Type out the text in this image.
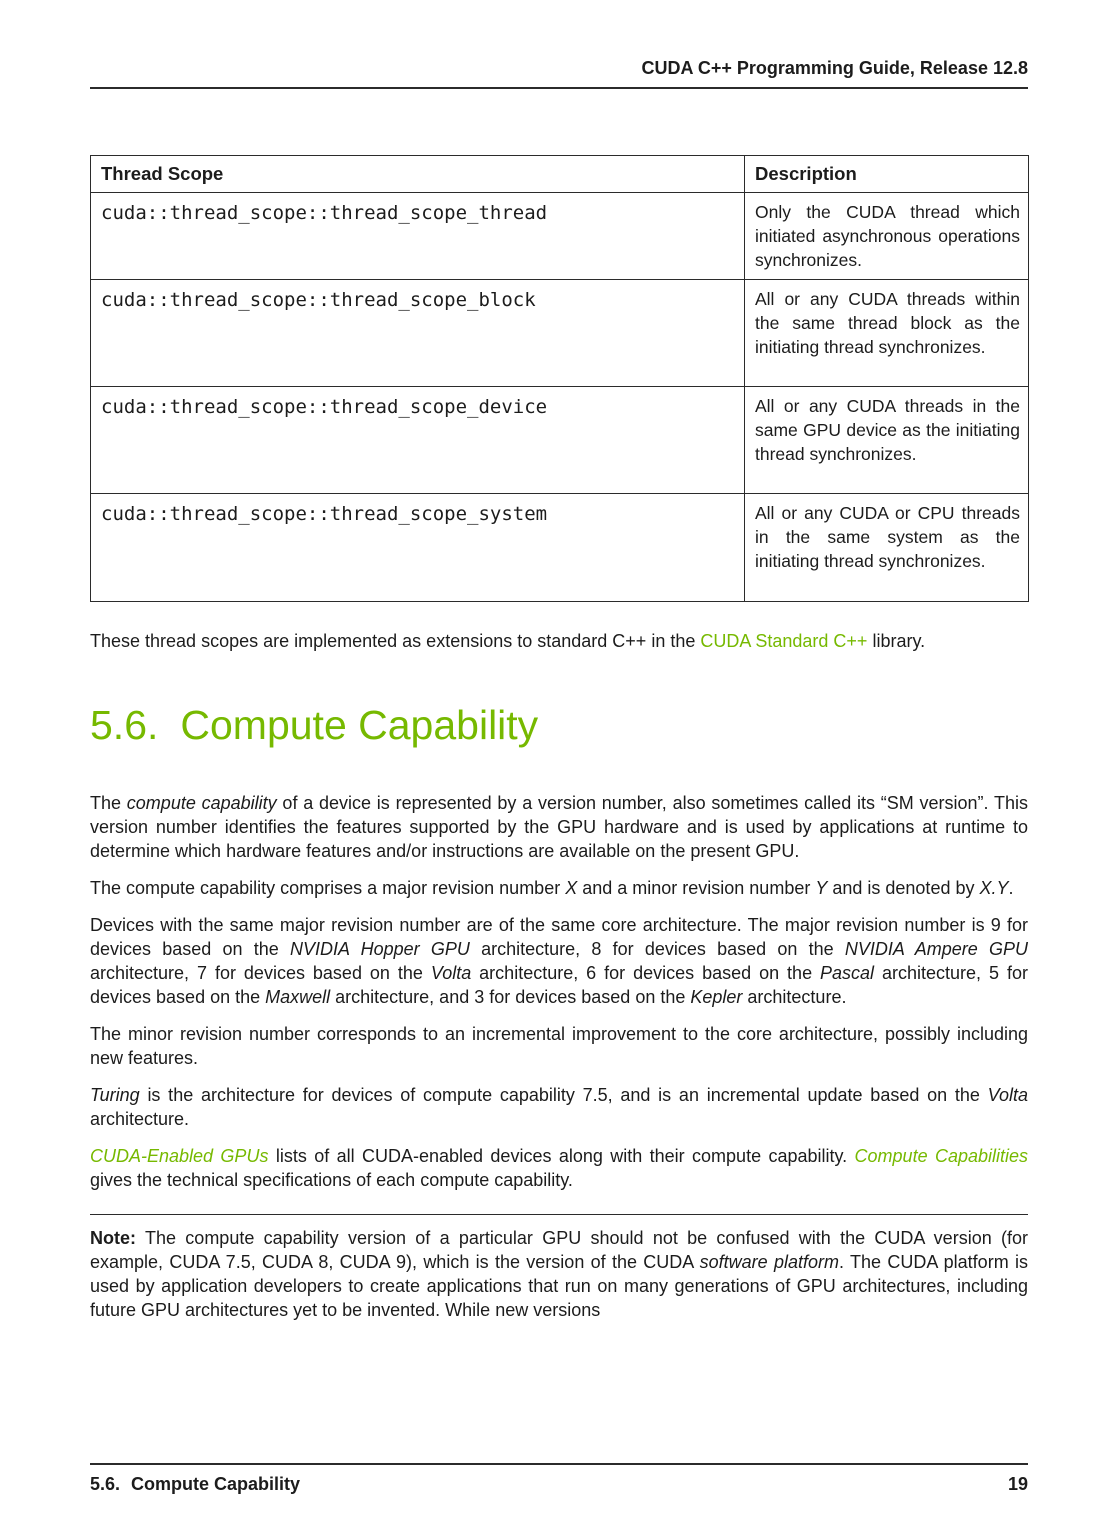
CUDA C++ Programming Guide, Release 12.8
Thread Scope	Description
cuda::thread_scope::thread_scope_thread	Only the CUDA thread which initiated asynchronous operations synchronizes.
cuda::thread_scope::thread_scope_block	All or any CUDA threads within the same thread block as the initiating thread synchronizes.
cuda::thread_scope::thread_scope_device	All or any CUDA threads in the same GPU device as the initiating thread synchronizes.
cuda::thread_scope::thread_scope_system	All or any CUDA or CPU threads in the same system as the initiating thread synchronizes.

These thread scopes are implemented as extensions to standard C++ in the CUDA Standard C++ library.

5.6. Compute Capability

The compute capability of a device is represented by a version number, also sometimes called its “SM version”. This version number identifies the features supported by the GPU hardware and is used by applications at runtime to determine which hardware features and/or instructions are available on the present GPU.

The compute capability comprises a major revision number X and a minor revision number Y and is denoted by X.Y.

Devices with the same major revision number are of the same core architecture. The major revision number is 9 for devices based on the NVIDIA Hopper GPU architecture, 8 for devices based on the NVIDIA Ampere GPU architecture, 7 for devices based on the Volta architecture, 6 for devices based on the Pascal architecture, 5 for devices based on the Maxwell architecture, and 3 for devices based on the Kepler architecture.

The minor revision number corresponds to an incremental improvement to the core architecture, possibly including new features.

Turing is the architecture for devices of compute capability 7.5, and is an incremental update based on the Volta architecture.

CUDA-Enabled GPUs lists of all CUDA-enabled devices along with their compute capability. Compute Capabilities gives the technical specifications of each compute capability.

Note: The compute capability version of a particular GPU should not be confused with the CUDA version (for example, CUDA 7.5, CUDA 8, CUDA 9), which is the version of the CUDA software platform. The CUDA platform is used by application developers to create applications that run on many generations of GPU architectures, including future GPU architectures yet to be invented. While new versions

5.6. Compute Capability	19
